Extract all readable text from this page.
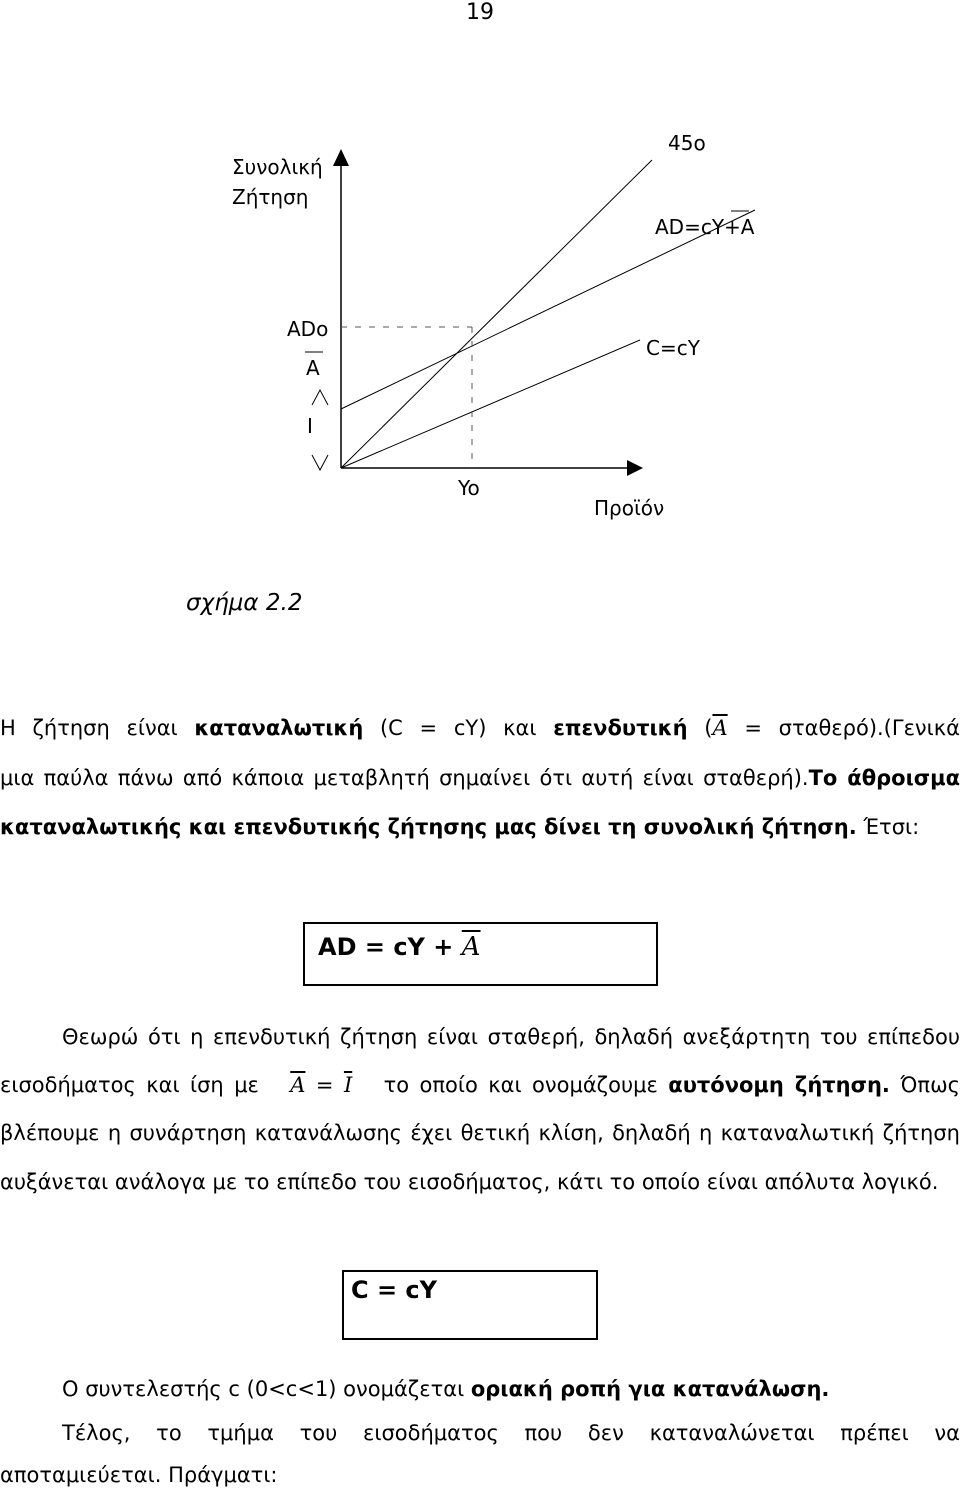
19
Συνολική
Ζήτηση
45ο
AD=cY+A
ADo
A
I
C=cY
Yo
Προϊόν
σχήμα 2.2
Η ζήτηση είναι καταναλωτική (C = cY) και επενδυτική $(\overline{A} = \sigma\tau\alpha\theta\varepsilon\rho ό).(\Gamma\varepsilon\nu\iota\kappa ά$
μια παύλα πάνω από κάποια μεταβλητή σημαίνει ότι αυτή είναι σταθερή).Το άθροισμα
καταναλωτικής και επενδυτικής ζήτησης μας δίνει τη συνολική ζήτηση. Έτσι:
AD = cY + $\overline{A}$
Θεωρώ ότι η επενδυτική ζήτηση είναι σταθερή, δηλαδή ανεξάρτητη του επίπεδου
εισοδήματος και ίση με   $\overline{A} = \overline{I}$   το οποίο και ονομάζουμε αυτόνομη ζήτηση. Όπως
βλέπουμε η συνάρτηση κατανάλωσης έχει θετική κλίση, δηλαδή η καταναλωτική ζήτηση
αυξάνεται ανάλογα με το επίπεδο του εισοδήματος, κάτι το οποίο είναι απόλυτα λογικό.
C = cY
Ο συντελεστής c (0<c<1) ονομάζεται οριακή ροπή για κατανάλωση.
Τέλος, το τμήμα του εισοδήματος που δεν καταναλώνεται πρέπει να
αποταμιεύεται. Πράγματι:
